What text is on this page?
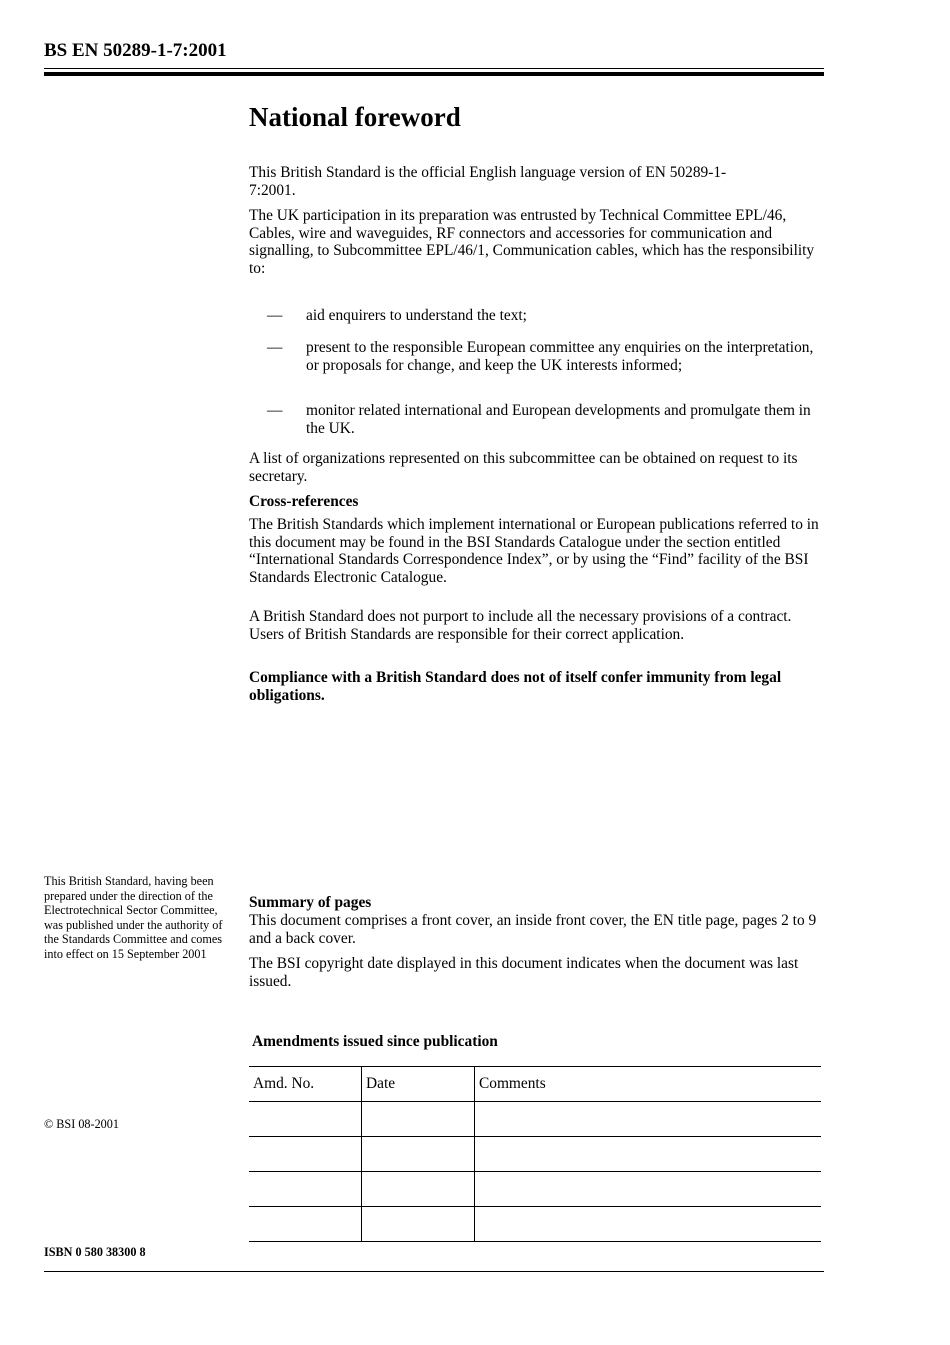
BS EN 50289-1-7:2001
National foreword

This British Standard is the official English language version of EN 50289-1-7:2001.

The UK participation in its preparation was entrusted by Technical Committee EPL/46, Cables, wire and waveguides, RF connectors and accessories for communication and signalling, to Subcommittee EPL/46/1, Communication cables, which has the responsibility to:

— aid enquirers to understand the text;
— present to the responsible European committee any enquiries on the interpretation, or proposals for change, and keep the UK interests informed;
— monitor related international and European developments and promulgate them in the UK.

A list of organizations represented on this subcommittee can be obtained on request to its secretary.

Cross-references

The British Standards which implement international or European publications referred to in this document may be found in the BSI Standards Catalogue under the section entitled “International Standards Correspondence Index”, or by using the “Find” facility of the BSI Standards Electronic Catalogue.

A British Standard does not purport to include all the necessary provisions of a contract. Users of British Standards are responsible for their correct application.

Compliance with a British Standard does not of itself confer immunity from legal obligations.

This British Standard, having been prepared under the direction of the Electrotechnical Sector Committee, was published under the authority of the Standards Committee and comes into effect on 15 September 2001

Summary of pages

This document comprises a front cover, an inside front cover, the EN title page, pages 2 to 9 and a back cover.

The BSI copyright date displayed in this document indicates when the document was last issued.

Amendments issued since publication

Amd. No.	Date	Comments

© BSI 08-2001
ISBN 0 580 38300 8
